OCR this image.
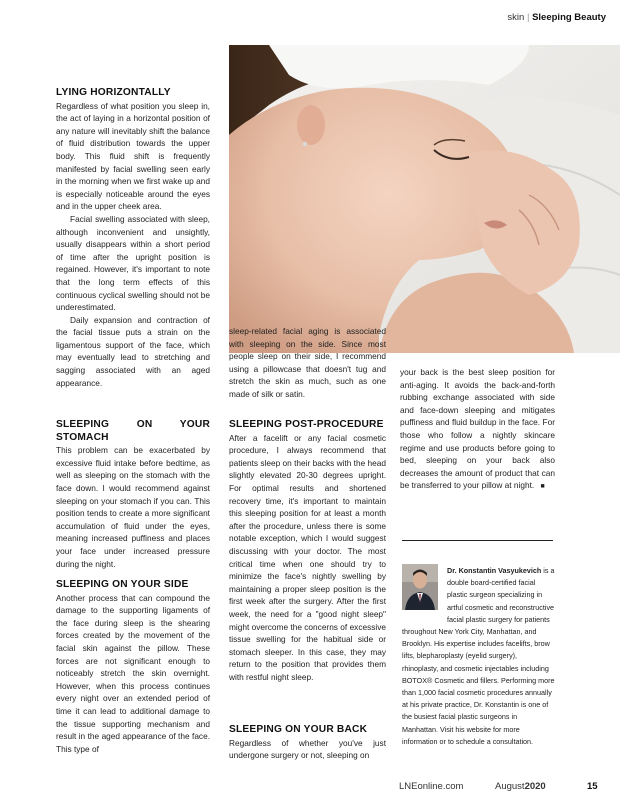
skin | Sleeping Beauty
LYING HORIZONTALLY

Regardless of what position you sleep in, the act of laying in a horizontal position of any nature will inevitably shift the balance of fluid distribution towards the upper body. This fluid shift is frequently manifested by facial swelling seen early in the morning when we first wake up and is especially noticeable around the eyes and in the upper cheek area.

Facial swelling associated with sleep, although inconvenient and unsightly, usually disappears within a short period of time after the upright position is regained. However, it's important to note that the long term effects of this continuous cyclical swelling should not be underestimated.

Daily expansion and contraction of the facial tissue puts a strain on the ligamentous support of the face, which may eventually lead to stretching and sagging associated with an aged appearance.

SLEEPING ON YOUR STOMACH

This problem can be exacerbated by excessive fluid intake before bedtime, as well as sleeping on the stomach with the face down. I would recommend against sleeping on your stomach if you can. This position tends to create a more significant accumulation of fluid under the eyes, meaning increased puffiness and places your face under increased pressure during the night.

SLEEPING ON YOUR SIDE

Another process that can compound the damage to the supporting ligaments of the face during sleep is the shearing forces created by the movement of the facial skin against the pillow. These forces are not significant enough to noticeably stretch the skin overnight. However, when this process continues every night over an extended period of time it can lead to additional damage to the tissue supporting mechanism and result in the aged appearance of the face. This type of

sleep-related facial aging is associated with sleeping on the side. Since most people sleep on their side, I recommend using a pillowcase that doesn't tug and stretch the skin as much, such as one made of silk or satin.

SLEEPING POST-PROCEDURE

After a facelift or any facial cosmetic procedure, I always recommend that patients sleep on their backs with the head slightly elevated 20-30 degrees upright. For optimal results and shortened recovery time, it's important to maintain this sleeping position for at least a month after the procedure, unless there is some notable exception, which I would suggest discussing with your doctor. The most critical time when one should try to minimize the face's nightly swelling by maintaining a proper sleep position is the first week after the surgery. After the first week, the need for a "good night sleep" might overcome the concerns of excessive tissue swelling for the habitual side or stomach sleeper. In this case, they may return to the position that provides them with restful night sleep.

SLEEPING ON YOUR BACK

Regardless of whether you've just undergone surgery or not, sleeping on

your back is the best sleep position for anti-aging. It avoids the back-and-forth rubbing exchange associated with side and face-down sleeping and mitigates puffiness and fluid buildup in the face. For those who follow a nightly skincare regime and use products before going to bed, sleeping on your back also decreases the amount of product that can be transferred to your pillow at night. ■
Dr. Konstantin Vasyukevich is a double board-certified facial plastic surgeon specializing in artful cosmetic and reconstructive facial plastic surgery for patients throughout New York City, Manhattan, and Brooklyn. His expertise includes facelifts, brow lifts, blepharoplasty (eyelid surgery), rhinoplasty, and cosmetic injectables including BOTOX® Cosmetic and fillers. Performing more than 1,000 facial cosmetic procedures annually at his private practice, Dr. Konstantin is one of the busiest facial plastic surgeons in Manhattan. Visit his website for more information or to schedule a consultation.
LNEonline.com	August2020	15
